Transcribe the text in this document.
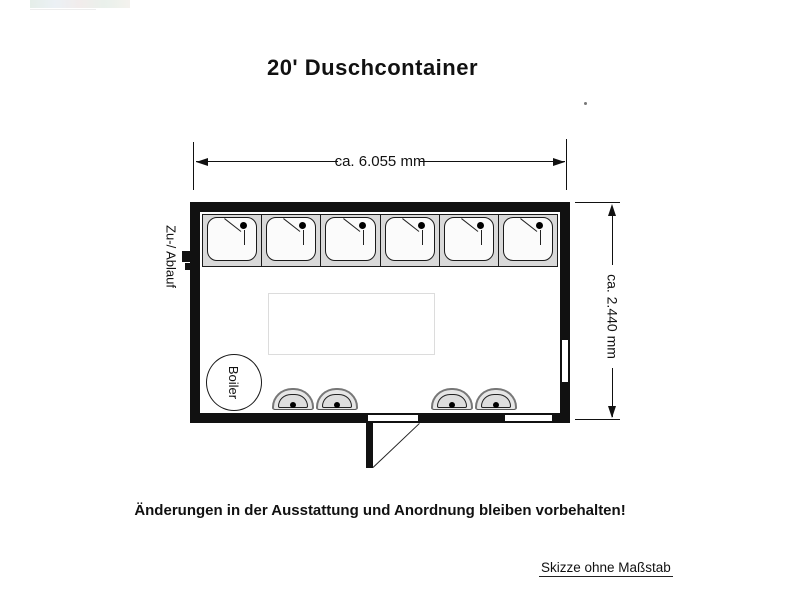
20' Duschcontainer
ca. 6.055 mm
ca. 2.440 mm
Boiler
Zu-/ Ablauf
Änderungen in der Ausstattung und Anordnung bleiben vorbehalten!
Skizze ohne Maßstab
